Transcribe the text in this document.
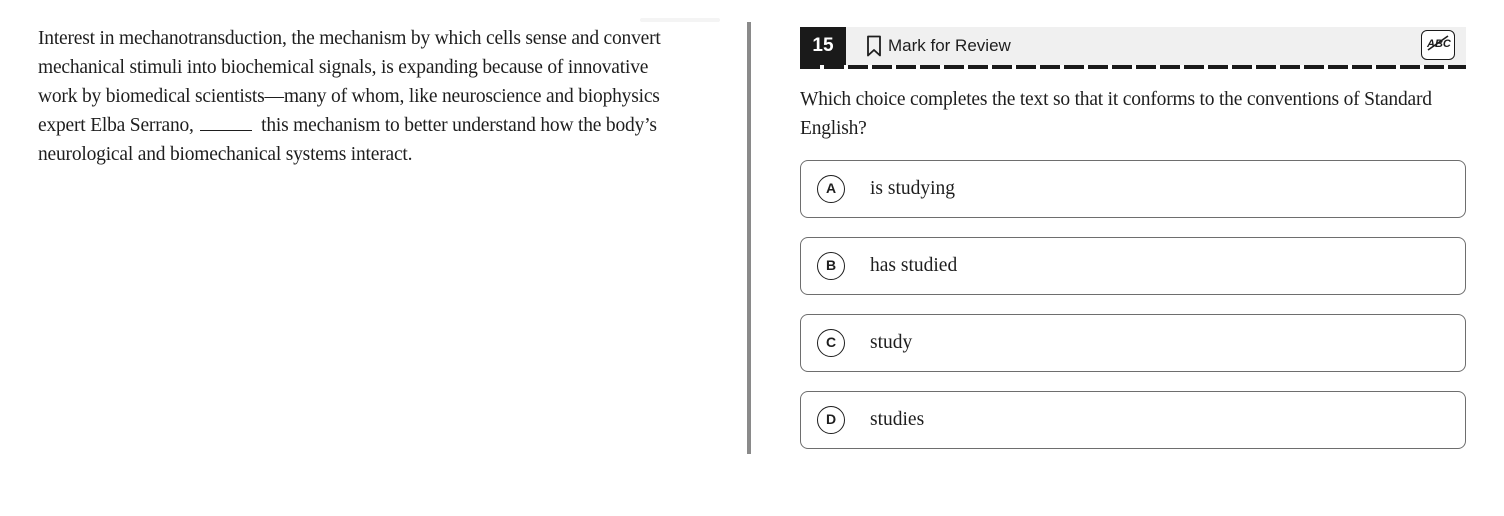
Interest in mechanotransduction, the mechanism by which cells sense and convert mechanical stimuli into biochemical signals, is expanding because of innovative work by biomedical scientists—many of whom, like neuroscience and biophysics expert Elba Serrano,	this mechanism to better understand how the body’s neurological and biomechanical systems interact.
15	Mark for Review	ABC
Which choice completes the text so that it conforms to the conventions of Standard English?
A	is studying
B	has studied
C	study
D	studies
